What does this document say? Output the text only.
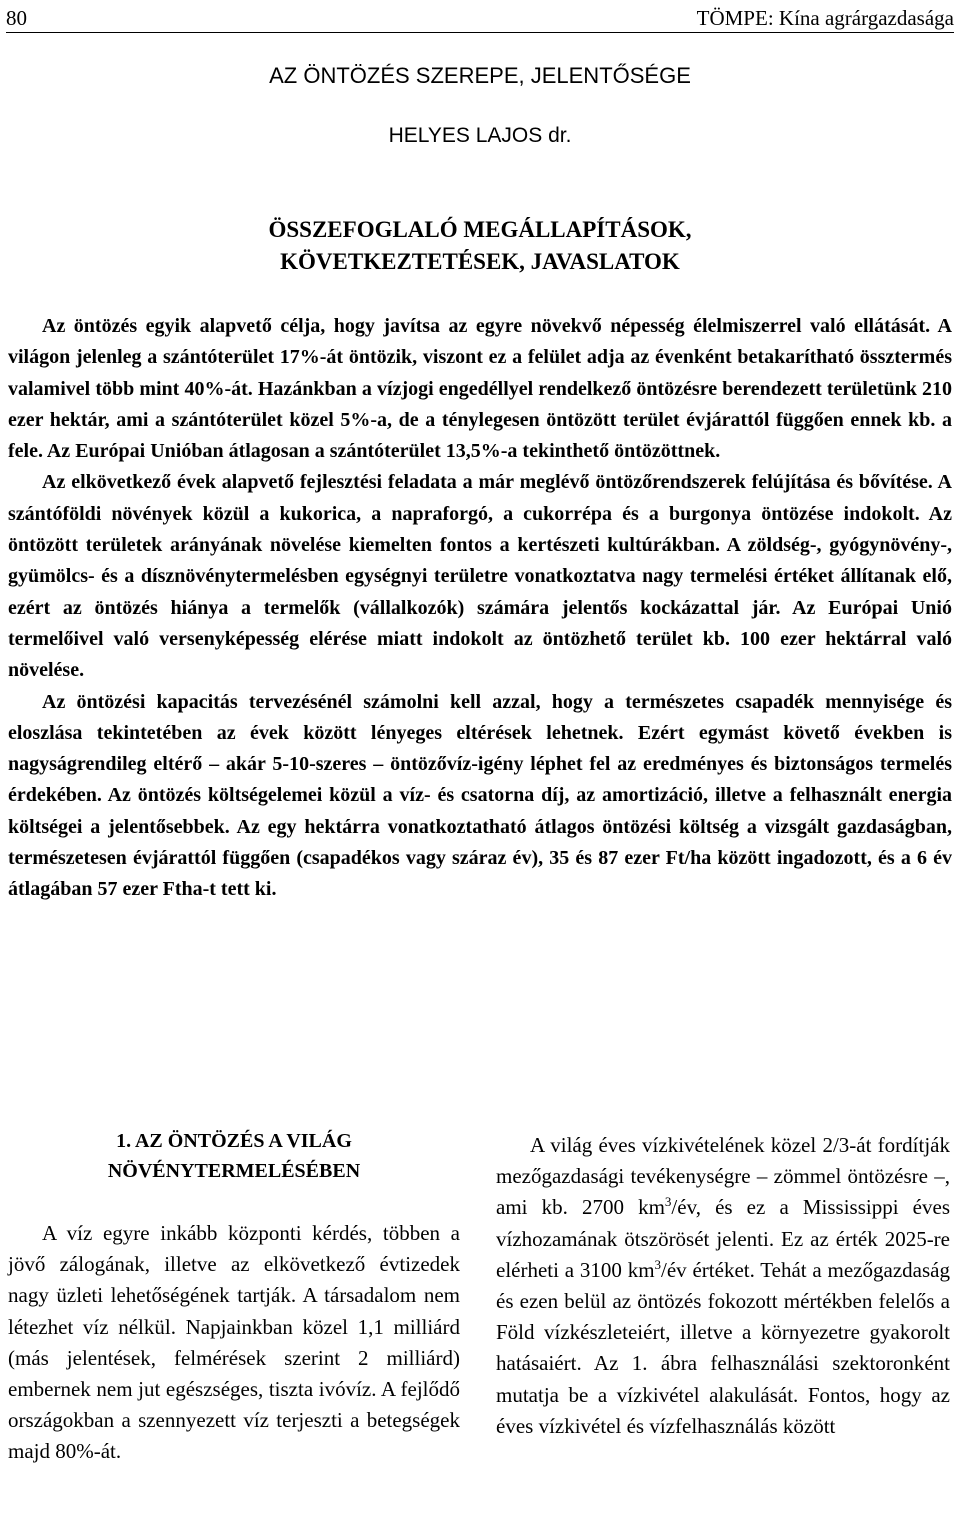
80	TÖMPE: Kína agrárgazdasága
AZ ÖNTÖZÉS SZEREPE, JELENTŐSÉGE
HELYES LAJOS dr.
ÖSSZEFOGLALÓ MEGÁLLAPÍTÁSOK,
KÖVETKEZTETÉSEK, JAVASLATOK

Az öntözés egyik alapvető célja, hogy javítsa az egyre növekvő népesség élelmiszerrel való ellátását. A világon jelenleg a szántóterület 17%-át öntözik, viszont ez a felület adja az évenként betakarítható össztermés valamivel több mint 40%-át. Hazánkban a vízjogi engedéllyel rendelkező öntözésre berendezett területünk 210 ezer hektár, ami a szántóterület közel 5%-a, de a ténylegesen öntözött terület évjárattól függően ennek kb. a fele. Az Európai Unióban átlagosan a szántóterület 13,5%-a tekinthető öntözöttnek.

Az elkövetkező évek alapvető fejlesztési feladata a már meglévő öntözőrendszerek felújítása és bővítése. A szántóföldi növények közül a kukorica, a napraforgó, a cukorrépa és a burgonya öntözése indokolt. Az öntözött területek arányának növelése kiemelten fontos a kertészeti kultúrákban. A zöldség-, gyógynövény-, gyümölcs- és a dísznövénytermelésben egységnyi területre vonatkoztatva nagy termelési értéket állítanak elő, ezért az öntözés hiánya a termelők (vállalkozók) számára jelentős kockázattal jár. Az Európai Unió termelőivel való versenyképesség elérése miatt indokolt az öntözhető terület kb. 100 ezer hektárral való növelése.

Az öntözési kapacitás tervezésénél számolni kell azzal, hogy a természetes csapadék mennyisége és eloszlása tekintetében az évek között lényeges eltérések lehetnek. Ezért egymást követő években is nagyságrendileg eltérő – akár 5-10-szeres – öntözővíz-igény léphet fel az eredményes és biztonságos termelés érdekében. Az öntözés költségelemei közül a víz- és csatorna díj, az amortizáció, illetve a felhasznált energia költségei a jelentősebbek. Az egy hektárra vonatkoztatható átlagos öntözési költség a vizsgált gazdaságban, természetesen évjárattól függően (csapadékos vagy száraz év), 35 és 87 ezer Ft/ha között ingadozott, és a 6 év átlagában 57 ezer Ftha-t tett ki.

1. AZ ÖNTÖZÉS A VILÁG
NÖVÉNYTERMELÉSÉBEN

A víz egyre inkább központi kérdés, többen a jövő zálogának, illetve az elkövetkező évtizedek nagy üzleti lehetőségének tartják. A társadalom nem létezhet víz nélkül. Napjainkban közel 1,1 milliárd (más jelentések, felmérések szerint 2 milliárd) embernek nem jut egészséges, tiszta ivóvíz. A fejlődő országokban a szennyezett víz terjeszti a betegségek majd 80%-át.

A világ éves vízkivételének közel 2/3-át fordítják mezőgazdasági tevékenységre – zömmel öntözésre –, ami kb. 2700 $km^3/év$, és ez a Mississippi éves vízhozamának ötszörösét jelenti. Ez az érték 2025-re elérheti a 3100 $km^3/év$ értéket. Tehát a mezőgazdaság és ezen belül az öntözés fokozott mértékben felelős a Föld vízkészleteiért, illetve a környezetre gyakorolt hatásaiért. Az 1. ábra felhasználási szektoronként mutatja be a vízkivétel alakulását. Fontos, hogy az éves vízkivétel és vízfelhasználás között
